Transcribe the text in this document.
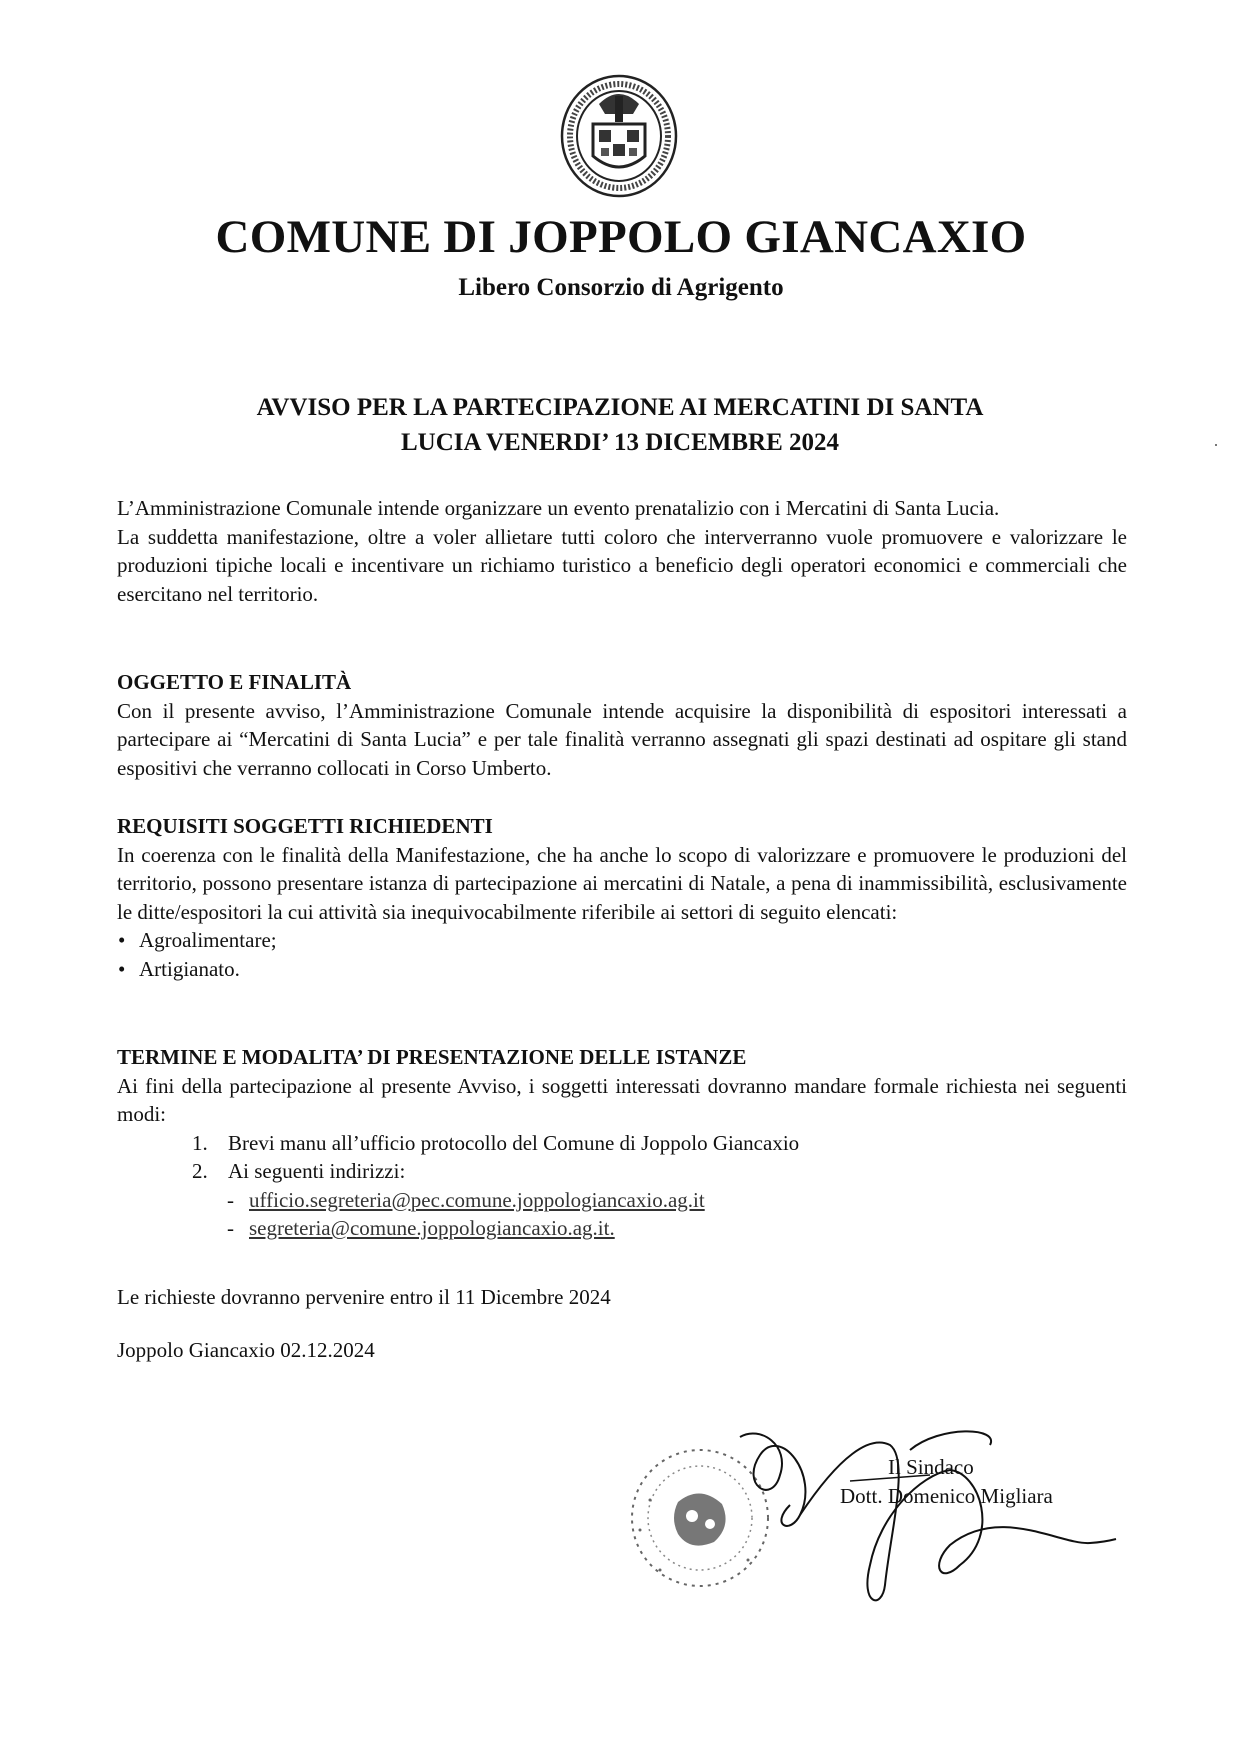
COMUNE DI JOPPOLO GIANCAXIO
Libero Consorzio di Agrigento
AVVISO PER LA PARTECIPAZIONE AI MERCATINI DI SANTA
LUCIA VENERDI’ 13 DICEMBRE 2024

L’Amministrazione Comunale intende organizzare un evento prenatalizio con i Mercatini di Santa Lucia.

La suddetta manifestazione, oltre a voler allietare tutti coloro che interverranno vuole promuovere e valorizzare le produzioni tipiche locali e incentivare un richiamo turistico a beneficio degli operatori economici e commerciali che esercitano nel territorio.

OGGETTO E FINALITÀ

Con il presente avviso, l’Amministrazione Comunale intende acquisire la disponibilità di espositori interessati a partecipare ai “Mercatini di Santa Lucia” e per tale finalità verranno assegnati gli spazi destinati ad ospitare gli stand espositivi che verranno collocati in Corso Umberto.

REQUISITI SOGGETTI RICHIEDENTI

In coerenza con le finalità della Manifestazione, che ha anche lo scopo di valorizzare e promuovere le produzioni del territorio, possono presentare istanza di partecipazione ai mercatini di Natale, a pena di inammissibilità, esclusivamente le ditte/espositori la cui attività sia inequivocabilmente riferibile ai settori di seguito elencati:

• Agroalimentare;
• Artigianato.
TERMINE E MODALITA’ DI PRESENTAZIONE DELLE ISTANZE

Ai fini della partecipazione al presente Avviso, i soggetti interessati dovranno mandare formale richiesta nei seguenti modi:

1. Brevi manu all’ufficio protocollo del Comune di Joppolo Giancaxio
2. Ai seguenti indirizzi:
- ufficio.segreteria@pec.comune.joppologiancaxio.ag.it
- segreteria@comune.joppologiancaxio.ag.it.
Le richieste dovranno pervenire entro il 11 Dicembre 2024
Joppolo Giancaxio 02.12.2024
Il Sindaco
Dott. Domenico Migliara
